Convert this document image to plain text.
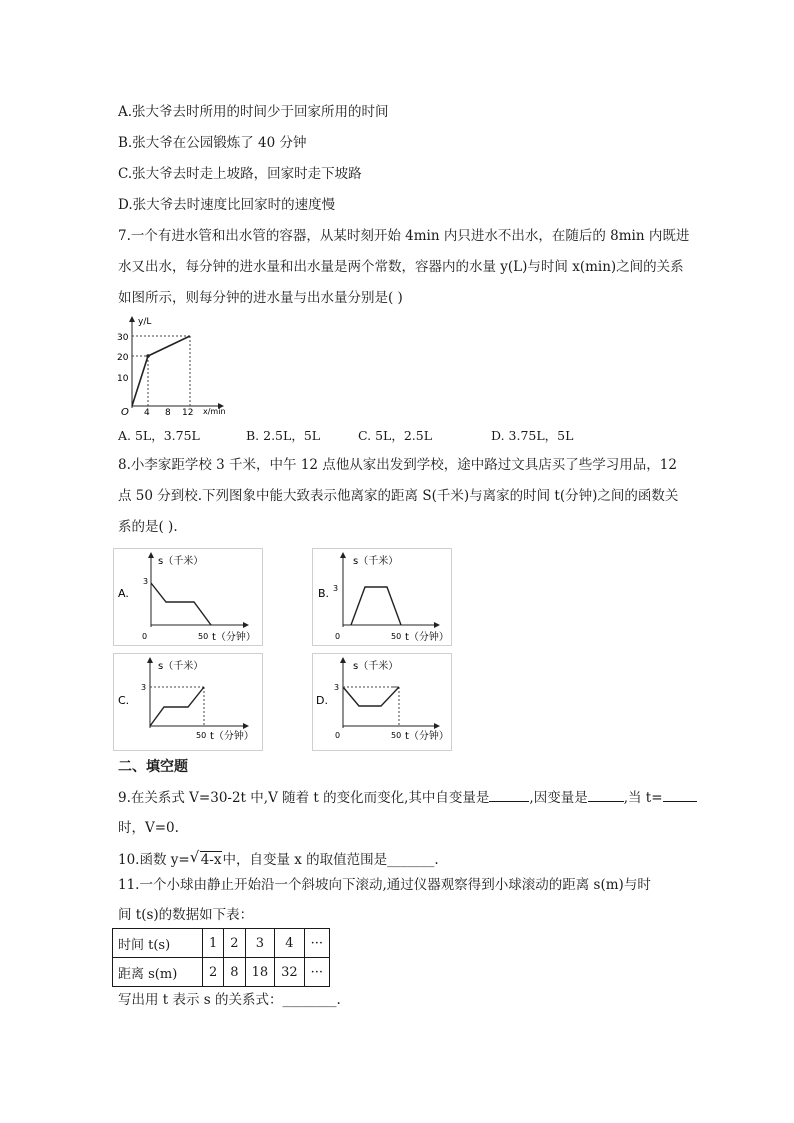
A.张大爷去时所用的时间少于回家所用的时间
B.张大爷在公园锻炼了 40 分钟
C.张大爷去时走上坡路，回家时走下坡路
D.张大爷去时速度比回家时的速度慢
7.一个有进水管和出水管的容器，从某时刻开始 4min 内只进水不出水，在随后的 8min 内既进
水又出水，每分钟的进水量和出水量是两个常数，容器内的水量 y(L)与时间 x(min)之间的关系
如图所示，则每分钟的进水量与出水量分别是( )
y/L
x/min
O
30
20
10
4 8 12
A. 5L，3.75L	B. 2.5L，5L	C. 5L，2.5L	D. 3.75L，5L
8.小李家距学校 3 千米，中午 12 点他从家出发到学校，途中路过文具店买了些学习用品，12
点 50 分到校.下列图象中能大致表示他离家的距离 S(千米)与离家的时间 t(分钟)之间的函数关
系的是( ).
A.
s（千米）
3
0	50 t（分钟）
B.
s（千米）
3
0	50 t（分钟）
C.
s（千米）
3
50 t（分钟）
D.
s（千米）
3
0	50 t（分钟）
二、填空题
9.在关系式 V=30-2t 中,V 随着 t 的变化而变化,其中自变量是	,因变量是	,当 t=
时，V=0.
10.函数 y= √ 4-x中，自变量 x 的取值范围是_______.
11.一个小球由静止开始沿一个斜坡向下滚动,通过仪器观察得到小球滚动的距离 s(m)与时
间 t(s)的数据如下表：
时间 t(s)	1	2	3	4	···
距离 s(m)	2	8	18	32	···
写出用 t 表示 s 的关系式：________.
